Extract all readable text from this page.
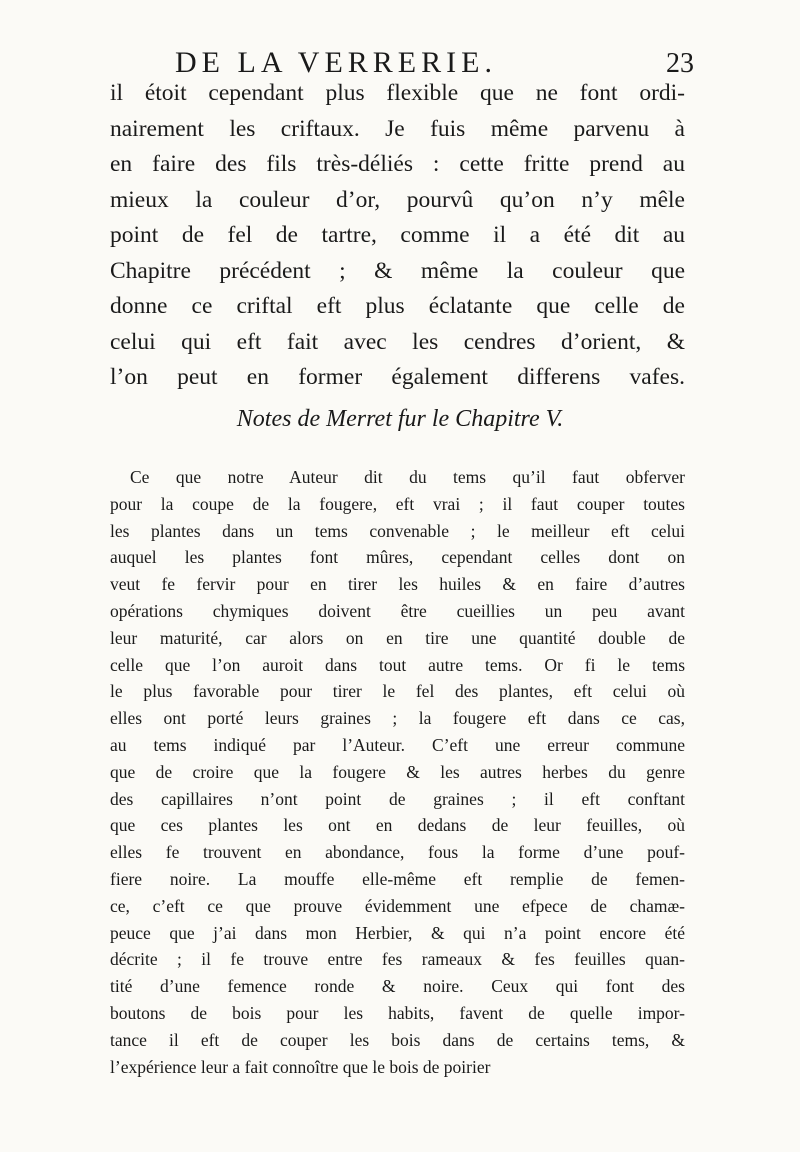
DE LA VERRERIE.	23
il étoit cependant plus flexible que ne font ordi-
nairement les criftaux. Je fuis même parvenu à
en faire des fils très-déliés : cette fritte prend au
mieux la couleur d’or, pourvû qu’on n’y mêle
point de fel de tartre, comme il a été dit au
Chapitre précédent ; & même la couleur que
donne ce criftal eft plus éclatante que celle de
celui qui eft fait avec les cendres d’orient, &
l’on peut en former également differens vafes.
Notes de Merret fur le Chapitre V.
Ce que notre Auteur dit du tems qu’il faut obferver
pour la coupe de la fougere, eft vrai ; il faut couper toutes
les plantes dans un tems convenable ; le meilleur eft celui
auquel les plantes font mûres, cependant celles dont on
veut fe fervir pour en tirer les huiles & en faire d’autres
opérations chymiques doivent être cueillies un peu avant
leur maturité, car alors on en tire une quantité double de
celle que l’on auroit dans tout autre tems. Or fi le tems
le plus favorable pour tirer le fel des plantes, eft celui où
elles ont porté leurs graines ; la fougere eft dans ce cas,
au tems indiqué par l’Auteur. C’eft une erreur commune
que de croire que la fougere & les autres herbes du genre
des capillaires n’ont point de graines ; il eft conftant
que ces plantes les ont en dedans de leur feuilles, où
elles fe trouvent en abondance, fous la forme d’une pouf-
fiere noire. La mouffe elle-même eft remplie de femen-
ce, c’eft ce que prouve évidemment une efpece de chamæ-
peuce que j’ai dans mon Herbier, & qui n’a point encore été
décrite ; il fe trouve entre fes rameaux & fes feuilles quan-
tité d’une femence ronde & noire. Ceux qui font des
boutons de bois pour les habits, favent de quelle impor-
tance il eft de couper les bois dans de certains tems, &
l’expérience leur a fait connoître que le bois de poirier
